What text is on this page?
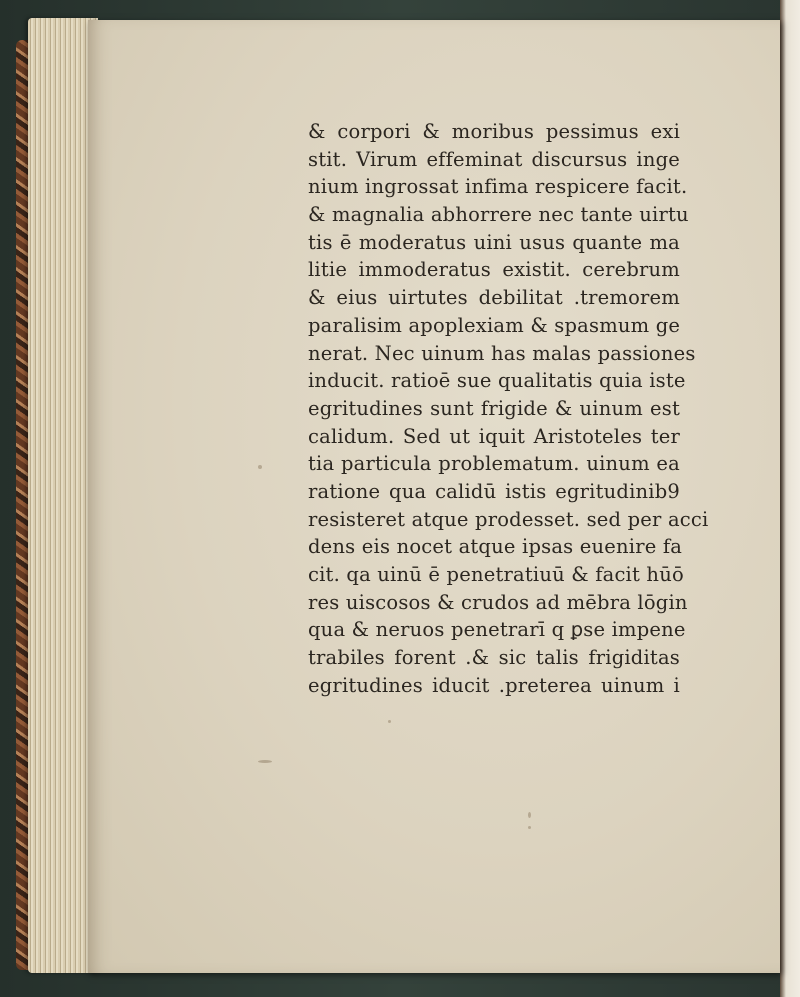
& corpori & moribus pessimus exi
stit. Virum effeminat discursus inge
nium ingrossat infima respicere facit.
& magnalia abhorrere nec tante uirtu
tis ē moderatus uini usus quante ma
litie immoderatus existit. cerebrum
& eius uirtutes debilitat .tremorem
paralisim apoplexiam & spasmum ge
nerat. Nec uinum has malas passiones
inducit. ratioē sue qualitatis quia iste
egritudines sunt frigide & uinum est
calidum. Sed ut iquit Aristoteles ter
tia particula problematum. uinum ea
ratione qua calidū istis egritudinib9
resisteret atque prodesset. sed per acci
dens eis nocet atque ipsas euenire fa
cit. qa uinū ē penetratiuū & facit hūō
res uiscosos & crudos ad mēbra lōgin
qua & neruos penetrarī q ꝑse impene
trabiles forent .& sic talis frigiditas
egritudines iducit .preterea uinum i
